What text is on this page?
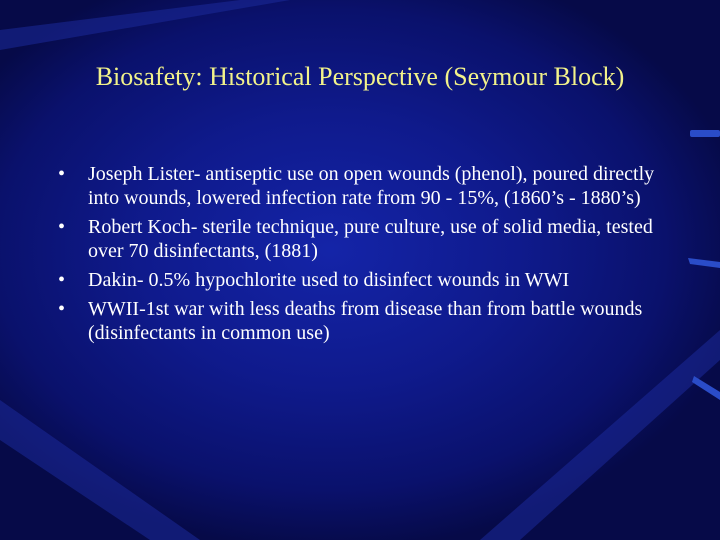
Biosafety: Historical Perspective (Seymour Block)
•	Joseph Lister- antiseptic use on open wounds (phenol), poured directly into wounds, lowered infection rate from 90 - 15%, (1860’s - 1880’s)
•	Robert Koch- sterile technique, pure culture, use of solid media, tested over 70 disinfectants, (1881)
•	Dakin- 0.5% hypochlorite used to disinfect wounds in WWI
•	WWII-1st war with less deaths from disease than from battle wounds (disinfectants in common use)
